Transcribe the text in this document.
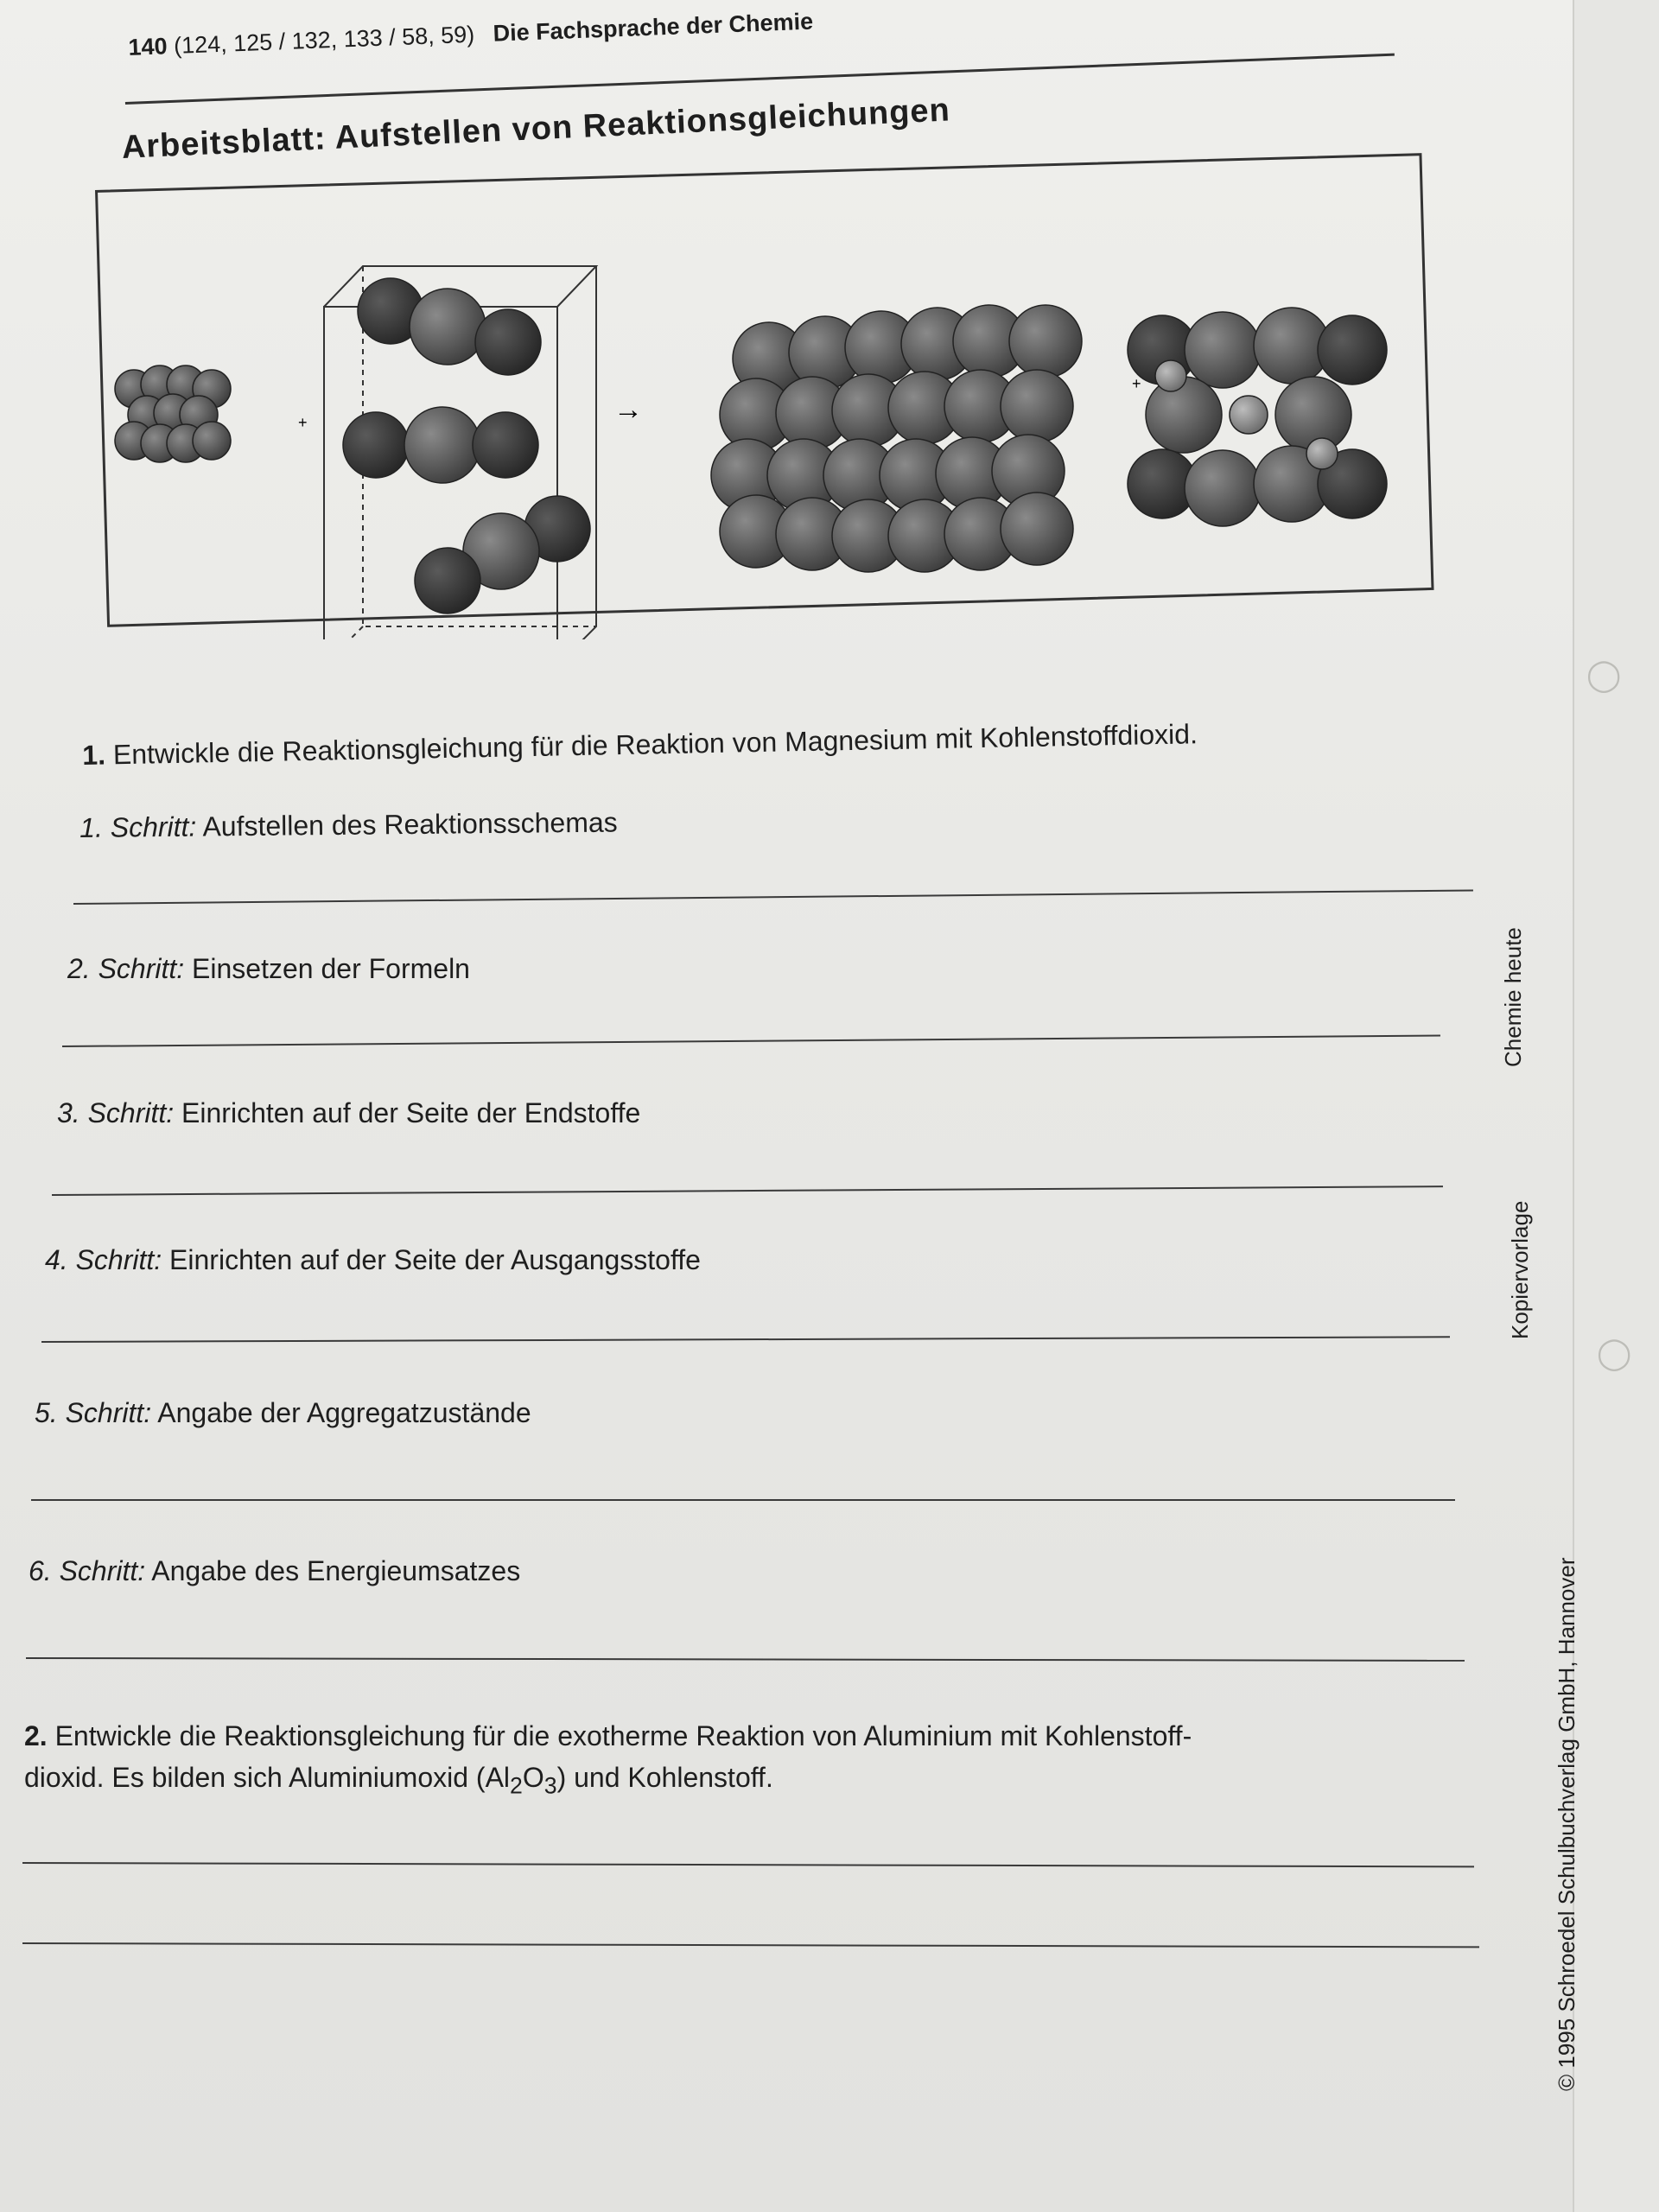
140 (124, 125 / 132, 133 / 58, 59) Die Fachsprache der Chemie
Arbeitsblatt: Aufstellen von Reaktionsgleichungen
+	→
+
1. Entwickle die Reaktionsgleichung für die Reaktion von Magnesium mit Kohlenstoffdioxid.
1. Schritt: Aufstellen des Reaktionsschemas
2. Schritt: Einsetzen der Formeln
3. Schritt: Einrichten auf der Seite der Endstoffe
4. Schritt: Einrichten auf der Seite der Ausgangsstoffe
5. Schritt: Angabe der Aggregatzustände
6. Schritt: Angabe des Energieumsatzes
2. Entwickle die Reaktionsgleichung für die exotherme Reaktion von Aluminium mit Kohlenstoff-
dioxid. Es bilden sich Aluminiumoxid $(Al_2O_3)$ und Kohlenstoff.
Chemie heute
Kopiervorlage
© 1995 Schroedel Schulbuchverlag GmbH, Hannover
◯
◯
